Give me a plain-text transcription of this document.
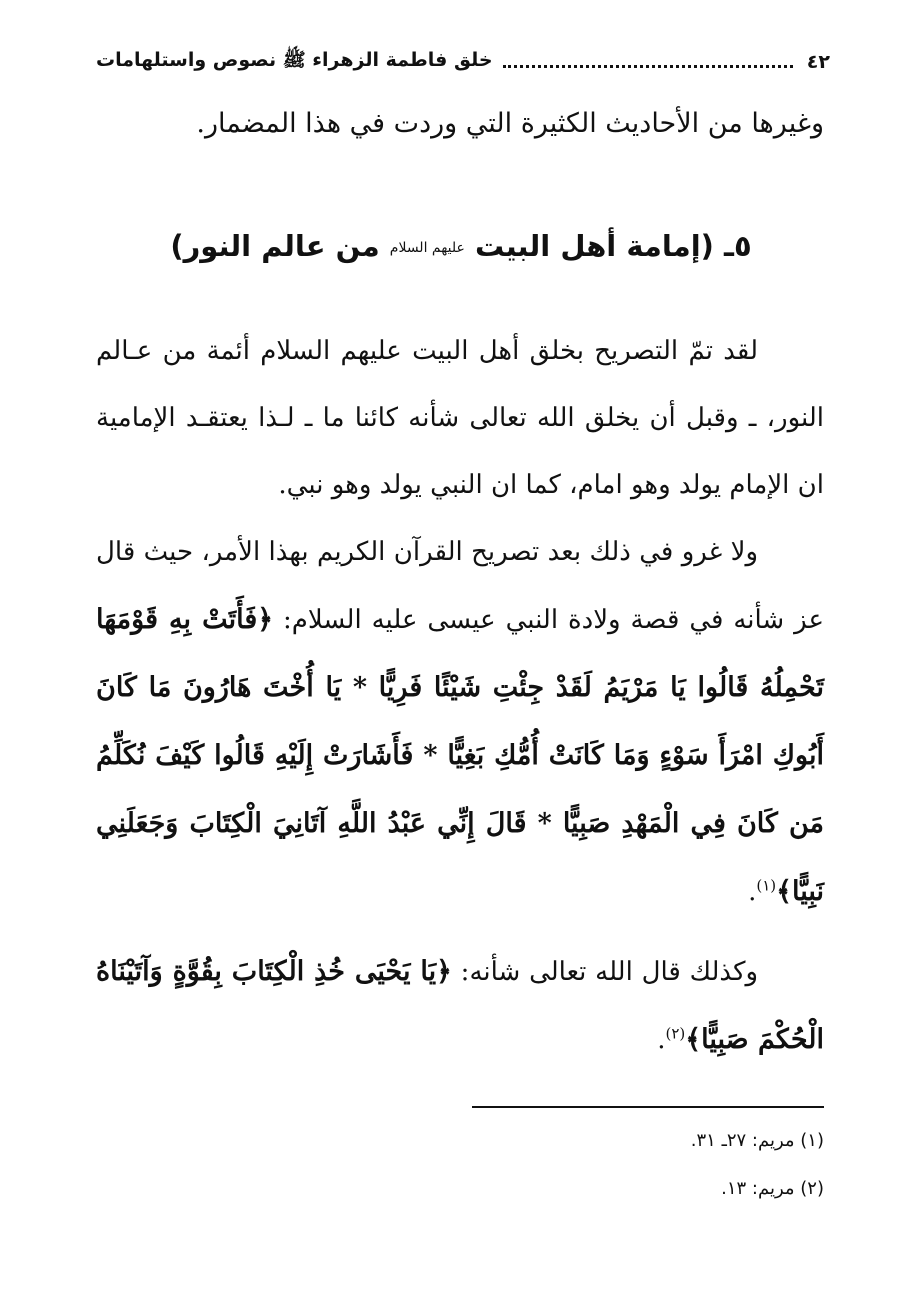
٤٢
خلق فاطمة الزهراء ﷺ نصوص واستلهامات
وغيرها من الأحاديث الكثيرة التي وردت في هذا المضمار.
٥ـ (إمامة أهل البيت عليهم السلام من عالم النور)
لقد تمّ التصريح بخلق أهل البيت عليهم السلام أئمة من عـالم النور، ـ وقبل أن يخلق الله تعالى شأنه كائنا ما ـ لـذا يعتقـد الإمامية ان الإمام يولد وهو امام، كما ان النبي يولد وهو نبي.
ولا غرو في ذلك بعد تصريح القرآن الكريم بهذا الأمر، حيث قال عز شأنه في قصة ولادة النبي عيسى عليه السلام: ﴿فَأَتَتْ بِهِ قَوْمَهَا تَحْمِلُهُ قَالُوا يَا مَرْيَمُ لَقَدْ جِئْتِ شَيْئًا فَرِيًّا * يَا أُخْتَ هَارُونَ مَا كَانَ أَبُوكِ امْرَأَ سَوْءٍ وَمَا كَانَتْ أُمُّكِ بَغِيًّا * فَأَشَارَتْ إِلَيْهِ قَالُوا كَيْفَ نُكَلِّمُ مَن كَانَ فِي الْمَهْدِ صَبِيًّا * قَالَ إِنِّي عَبْدُ اللَّهِ آتَانِيَ الْكِتَابَ وَجَعَلَنِي نَبِيًّا﴾$^{(١)}$.
وكذلك قال الله تعالى شأنه: ﴿يَا يَحْيَى خُذِ الْكِتَابَ بِقُوَّةٍ وَآتَيْنَاهُ الْحُكْمَ صَبِيًّا﴾$^{(٢)}$.
(١) مريم: ٢٧ـ ٣١.
(٢) مريم: ١٣.
